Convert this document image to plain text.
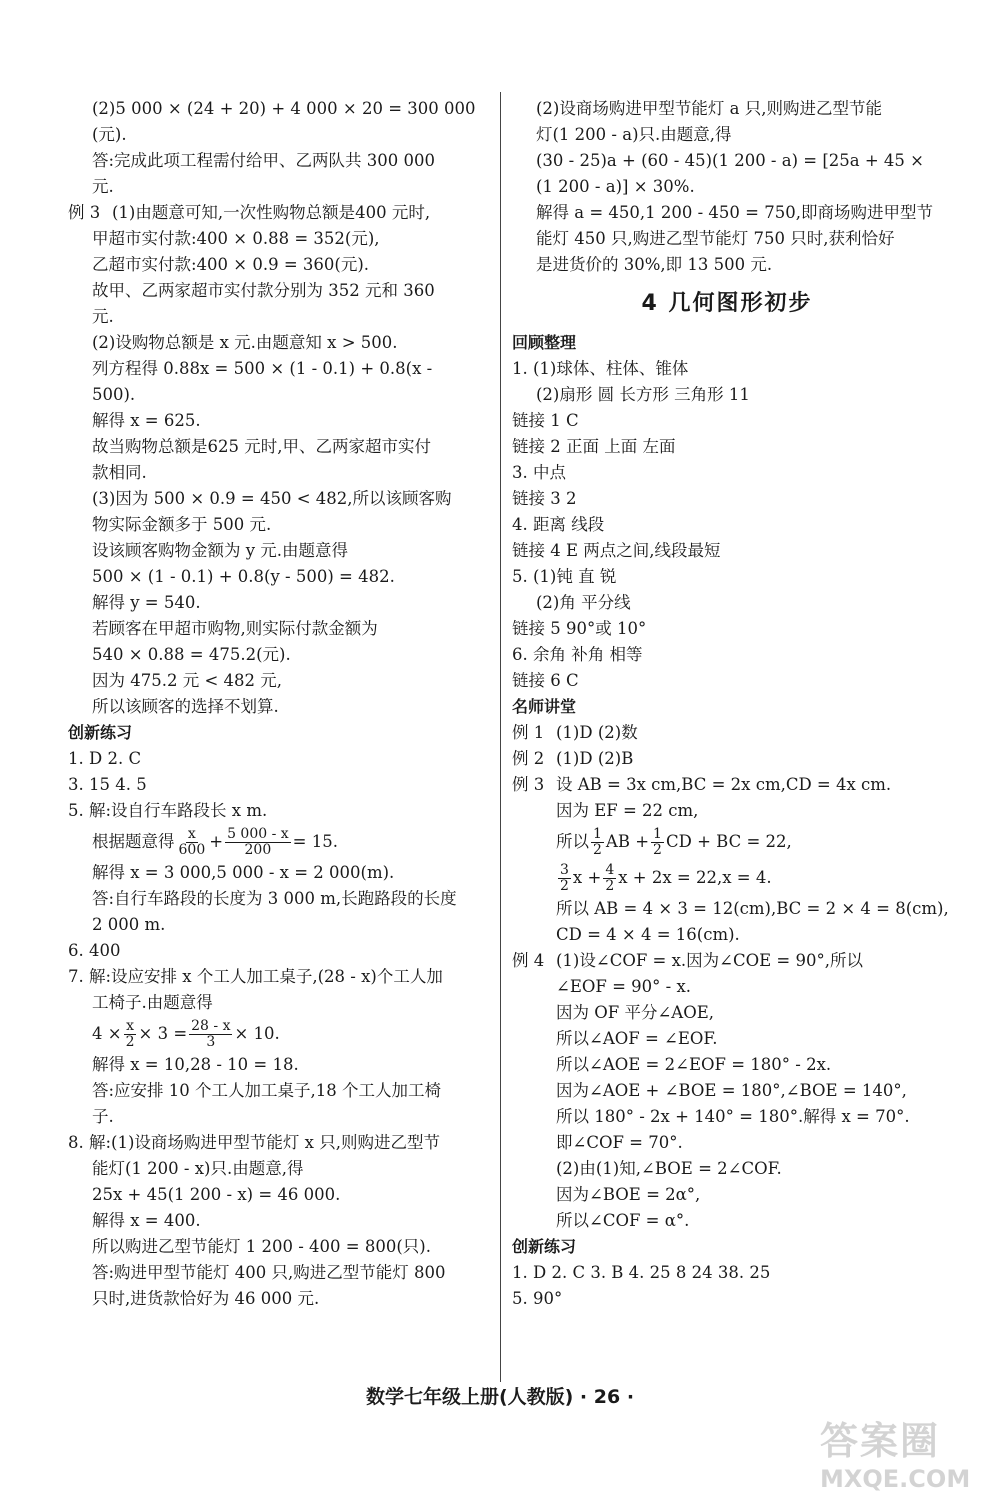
(2)5 000 × (24 + 20) + 4 000 × 20 = 300 000
(元).
答:完成此项工程需付给甲、乙两队共 300 000
元.
例 3 (1)由题意可知,一次性购物总额是400 元时,
甲超市实付款:400 × 0.88 = 352(元),
乙超市实付款:400 × 0.9 = 360(元).
故甲、乙两家超市实付款分别为 352 元和 360
元.
(2)设购物总额是 x 元.由题意知 x > 500.
列方程得 0.88x = 500 × (1 - 0.1) + 0.8(x -
500).
解得 x = 625.
故当购物总额是625 元时,甲、乙两家超市实付
款相同.
(3)因为 500 × 0.9 = 450 < 482,所以该顾客购
物实际金额多于 500 元.
设该顾客购物金额为 y 元.由题意得
500 × (1 - 0.1) + 0.8(y - 500) = 482.
解得 y = 540.
若顾客在甲超市购物,则实际付款金额为
540 × 0.88 = 475.2(元).
因为 475.2 元 < 482 元,
所以该顾客的选择不划算.
创新练习
1. D 2. C
3. 15 4. 5
5. 解:设自行车路段长 x m.
根据题意得 $\frac{x}{600} + \frac{5 000 - x}{200} = 15$.
解得 x = 3 000,5 000 - x = 2 000(m).
答:自行车路段的长度为 3 000 m,长跑路段的长度
2 000 m.
6. 400
7. 解:设应安排 x 个工人加工桌子,(28 - x)个工人加
工椅子.由题意得
$4 \times \frac{x}{2} \times 3 = \frac{28 - x}{3} \times 10$.
解得 x = 10,28 - 10 = 18.
答:应安排 10 个工人加工桌子,18 个工人加工椅
子.
8. 解:(1)设商场购进甲型节能灯 x 只,则购进乙型节
能灯(1 200 - x)只.由题意,得
25x + 45(1 200 - x) = 46 000.
解得 x = 400.
所以购进乙型节能灯 1 200 - 400 = 800(只).
答:购进甲型节能灯 400 只,购进乙型节能灯 800
只时,进货款恰好为 46 000 元.
(2)设商场购进甲型节能灯 a 只,则购进乙型节能
灯(1 200 - a)只.由题意,得
(30 - 25)a + (60 - 45)(1 200 - a) = [25a + 45 ×
(1 200 - a)] × 30%.
解得 a = 450,1 200 - 450 = 750,即商场购进甲型节
能灯 450 只,购进乙型节能灯 750 只时,获利恰好
是进货价的 30%,即 13 500 元.
4 几何图形初步
回顾整理
1. (1)球体、柱体、锥体
(2)扇形 圆 长方形 三角形 11
链接 1 C
链接 2 正面 上面 左面
3. 中点
链接 3 2
4. 距离 线段
链接 4 E 两点之间,线段最短
5. (1)钝 直 锐
(2)角 平分线
链接 5 90°或 10°
6. 余角 补角 相等
链接 6 C
名师讲堂
例 1 (1)D (2)数
例 2 (1)D (2)B
例 3 设 AB = 3x cm,BC = 2x cm,CD = 4x cm.
因为 EF = 22 cm,
所以 $\frac{1}{2}$ AB + $\frac{1}{2}$ CD + BC = 22,
$\frac{3}{2}$ $x + \frac{4}{2}$ x + 2x = 22,x = 4.
所以 AB = 4 × 3 = 12(cm),BC = 2 × 4 = 8(cm),
CD = 4 × 4 = 16(cm).
例 4 (1)设∠COF = x.因为∠COE = 90°,所以
∠EOF = 90° - x.
因为 OF 平分∠AOE,
所以∠AOF = ∠EOF.
所以∠AOE = 2∠EOF = 180° - 2x.
因为∠AOE + ∠BOE = 180°,∠BOE = 140°,
所以 180° - 2x + 140° = 180°.解得 x = 70°.
即∠COF = 70°.
(2)由(1)知,∠BOE = 2∠COF.
因为∠BOE = 2α°,
所以∠COF = α°.
创新练习
1. D 2. C 3. B 4. 25 8 24 38. 25
5. 90°
数学七年级上册(人教版) · 26 ·
答案圈
MXQE.COM
